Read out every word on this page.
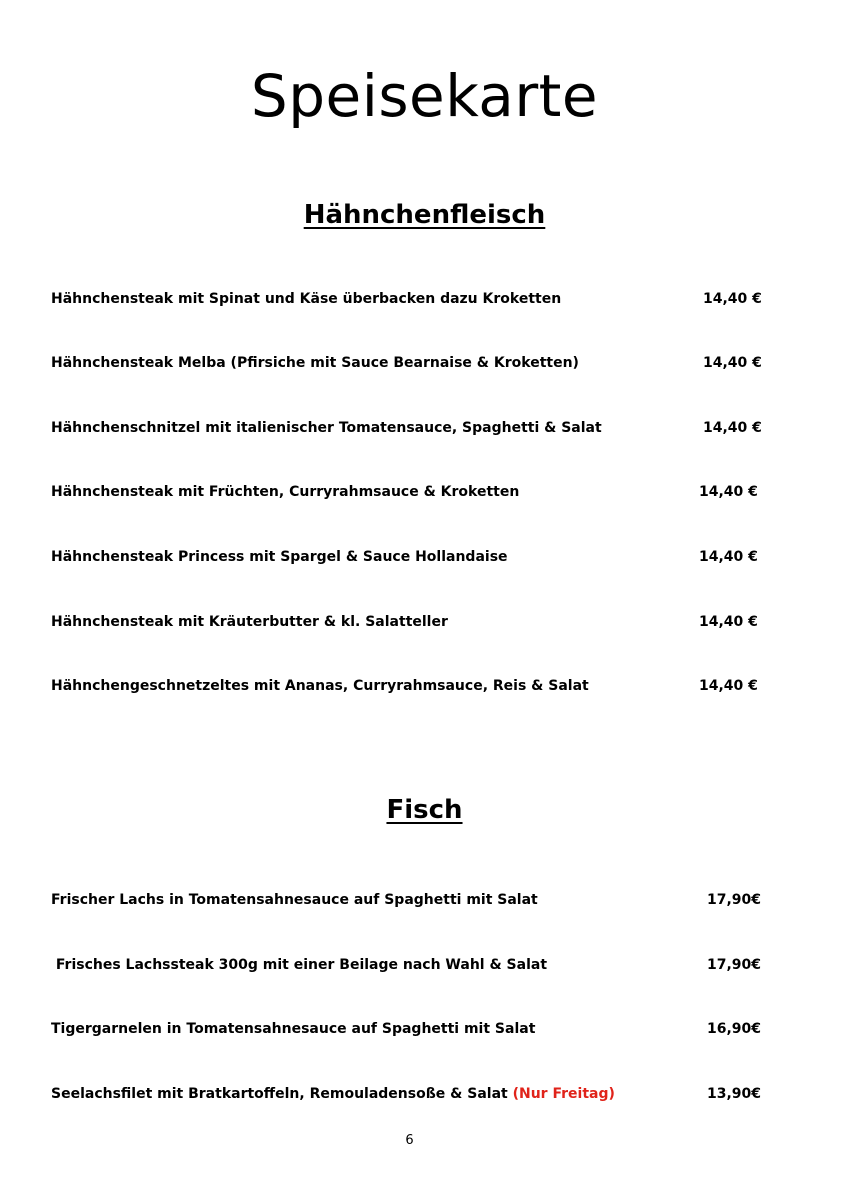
Speisekarte
Hähnchenfleisch
Hähnchensteak mit Spinat und Käse überbacken dazu Kroketten	14,40 €
Hähnchensteak Melba (Pfirsiche mit Sauce Bearnaise & Kroketten)	14,40 €
Hähnchenschnitzel mit italienischer Tomatensauce, Spaghetti & Salat	14,40 €
Hähnchensteak mit Früchten, Curryrahmsauce & Kroketten	14,40 €
Hähnchensteak Princess mit Spargel & Sauce Hollandaise	14,40 €
Hähnchensteak mit Kräuterbutter & kl. Salatteller	14,40 €
Hähnchengeschnetzeltes mit Ananas, Curryrahmsauce, Reis & Salat	14,40 €
Fisch
Frischer Lachs in Tomatensahnesauce auf Spaghetti mit Salat	17,90€
Frisches Lachssteak 300g mit einer Beilage nach Wahl & Salat	17,90€
Tigergarnelen in Tomatensahnesauce auf Spaghetti mit Salat	16,90€
Seelachsfilet mit Bratkartoffeln, Remouladensoße & Salat (Nur Freitag)	13,90€
6
